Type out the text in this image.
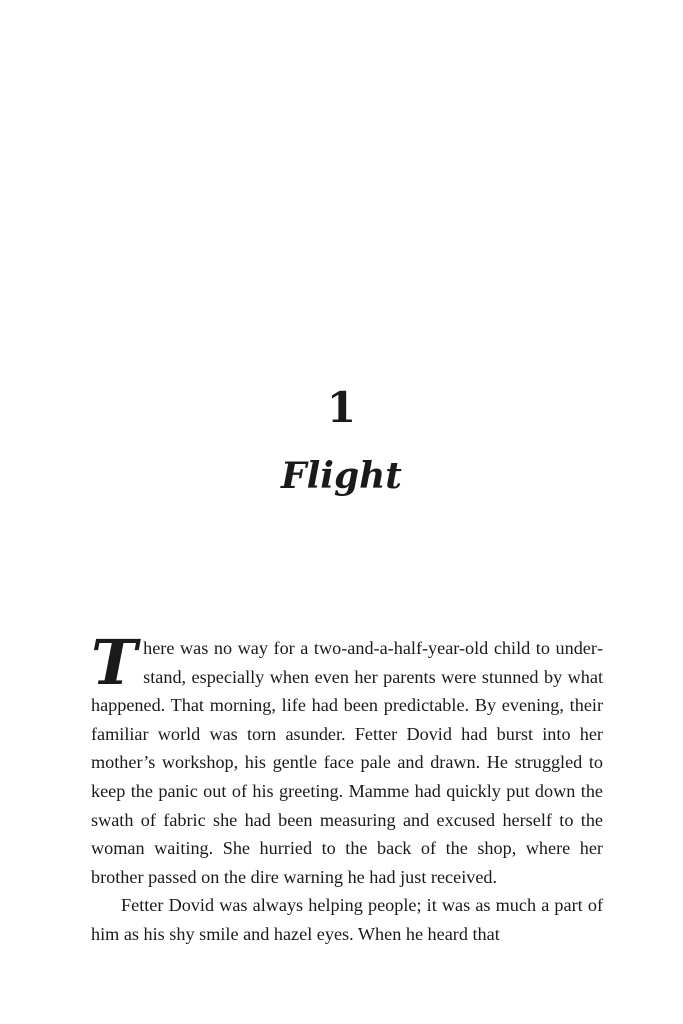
1
Flight

There was no way for a two-and-a-half-year-old child to understand, especially when even her parents were stunned by what happened. That morning, life had been predictable. By evening, their familiar world was torn asunder. Fetter Dovid had burst into her mother’s workshop, his gentle face pale and drawn. He struggled to keep the panic out of his greeting. Mamme had quickly put down the swath of fabric she had been measuring and excused herself to the woman waiting. She hurried to the back of the shop, where her brother passed on the dire warning he had just received.

Fetter Dovid was always helping people; it was as much a part of him as his shy smile and hazel eyes. When he heard that
